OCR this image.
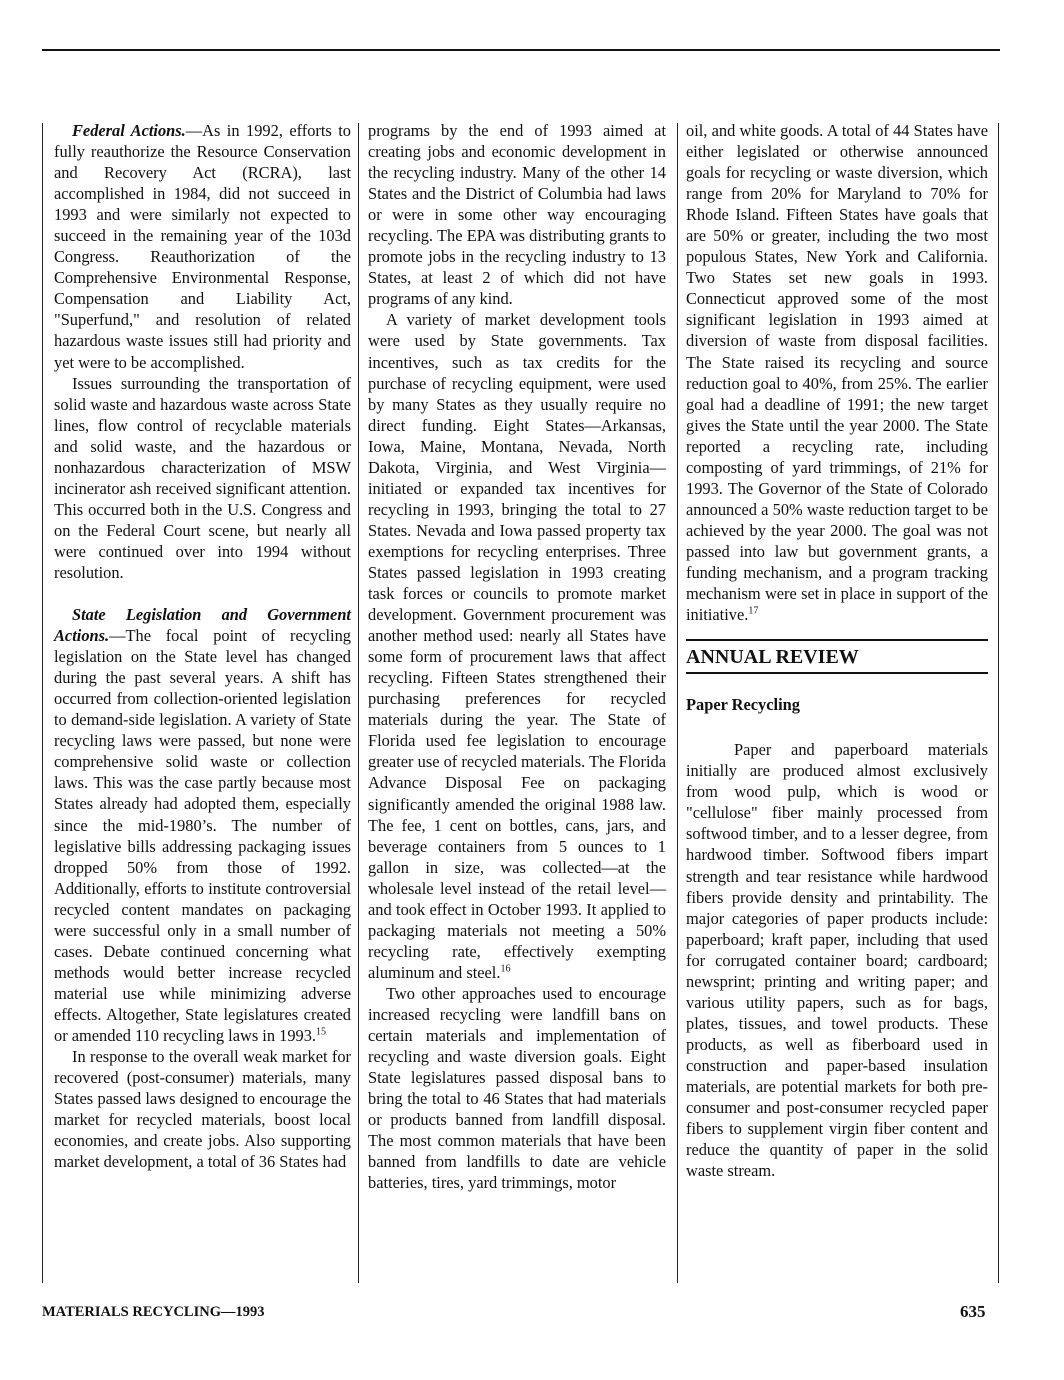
Federal Actions.—As in 1992, efforts to fully reauthorize the Resource Conservation and Recovery Act (RCRA), last accomplished in 1984, did not succeed in 1993 and were similarly not expected to succeed in the remaining year of the 103d Congress. Reauthorization of the Comprehensive Environmental Response, Compensation and Liability Act, "Superfund," and resolution of related hazardous waste issues still had priority and yet were to be accomplished.

Issues surrounding the transportation of solid waste and hazardous waste across State lines, flow control of recyclable materials and solid waste, and the hazardous or nonhazardous characterization of MSW incinerator ash received significant attention. This occurred both in the U.S. Congress and on the Federal Court scene, but nearly all were continued over into 1994 without resolution.

State Legislation and Government Actions.—The focal point of recycling legislation on the State level has changed during the past several years. A shift has occurred from collection-oriented legislation to demand-side legislation. A variety of State recycling laws were passed, but none were comprehensive solid waste or collection laws. This was the case partly because most States already had adopted them, especially since the mid-1980’s. The number of legislative bills addressing packaging issues dropped 50% from those of 1992. Additionally, efforts to institute controversial recycled content mandates on packaging were successful only in a small number of cases. Debate continued concerning what methods would better increase recycled material use while minimizing adverse effects. Altogether, State legislatures created or amended 110 recycling laws in 1993.15

In response to the overall weak market for recovered (post-consumer) materials, many States passed laws designed to encourage the market for recycled materials, boost local economies, and create jobs. Also supporting market development, a total of 36 States had

programs by the end of 1993 aimed at creating jobs and economic development in the recycling industry. Many of the other 14 States and the District of Columbia had laws or were in some other way encouraging recycling. The EPA was distributing grants to promote jobs in the recycling industry to 13 States, at least 2 of which did not have programs of any kind.

A variety of market development tools were used by State governments. Tax incentives, such as tax credits for the purchase of recycling equipment, were used by many States as they usually require no direct funding. Eight States—Arkansas, Iowa, Maine, Montana, Nevada, North Dakota, Virginia, and West Virginia—initiated or expanded tax incentives for recycling in 1993, bringing the total to 27 States. Nevada and Iowa passed property tax exemptions for recycling enterprises. Three States passed legislation in 1993 creating task forces or councils to promote market development. Government procurement was another method used: nearly all States have some form of procurement laws that affect recycling. Fifteen States strengthened their purchasing preferences for recycled materials during the year. The State of Florida used fee legislation to encourage greater use of recycled materials. The Florida Advance Disposal Fee on packaging significantly amended the original 1988 law. The fee, 1 cent on bottles, cans, jars, and beverage containers from 5 ounces to 1 gallon in size, was collected—at the wholesale level instead of the retail level—and took effect in October 1993. It applied to packaging materials not meeting a 50% recycling rate, effectively exempting aluminum and steel.$^{16}$

Two other approaches used to encourage increased recycling were landfill bans on certain materials and implementation of recycling and waste diversion goals. Eight State legislatures passed disposal bans to bring the total to 46 States that had materials or products banned from landfill disposal. The most common materials that have been banned from landfills to date are vehicle batteries, tires, yard trimmings, motor

oil, and white goods. A total of 44 States have either legislated or otherwise announced goals for recycling or waste diversion, which range from 20% for Maryland to 70% for Rhode Island. Fifteen States have goals that are 50% or greater, including the two most populous States, New York and California. Two States set new goals in 1993. Connecticut approved some of the most significant legislation in 1993 aimed at diversion of waste from disposal facilities. The State raised its recycling and source reduction goal to 40%, from 25%. The earlier goal had a deadline of 1991; the new target gives the State until the year 2000. The State reported a recycling rate, including composting of yard trimmings, of 21% for 1993. The Governor of the State of Colorado announced a 50% waste reduction target to be achieved by the year 2000. The goal was not passed into law but government grants, a funding mechanism, and a program tracking mechanism were set in place in support of the initiative.$^{17}$

ANNUAL REVIEW
Paper Recycling

Paper and paperboard materials initially are produced almost exclusively from wood pulp, which is wood or "cellulose" fiber mainly processed from softwood timber, and to a lesser degree, from hardwood timber. Softwood fibers impart strength and tear resistance while hardwood fibers provide density and printability. The major categories of paper products include: paperboard; kraft paper, including that used for corrugated container board; cardboard; newsprint; printing and writing paper; and various utility papers, such as for bags, plates, tissues, and towel products. These products, as well as fiberboard used in construction and paper-based insulation materials, are potential markets for both pre-consumer and post-consumer recycled paper fibers to supplement virgin fiber content and reduce the quantity of paper in the solid waste stream.

MATERIALS RECYCLING—1993	635
